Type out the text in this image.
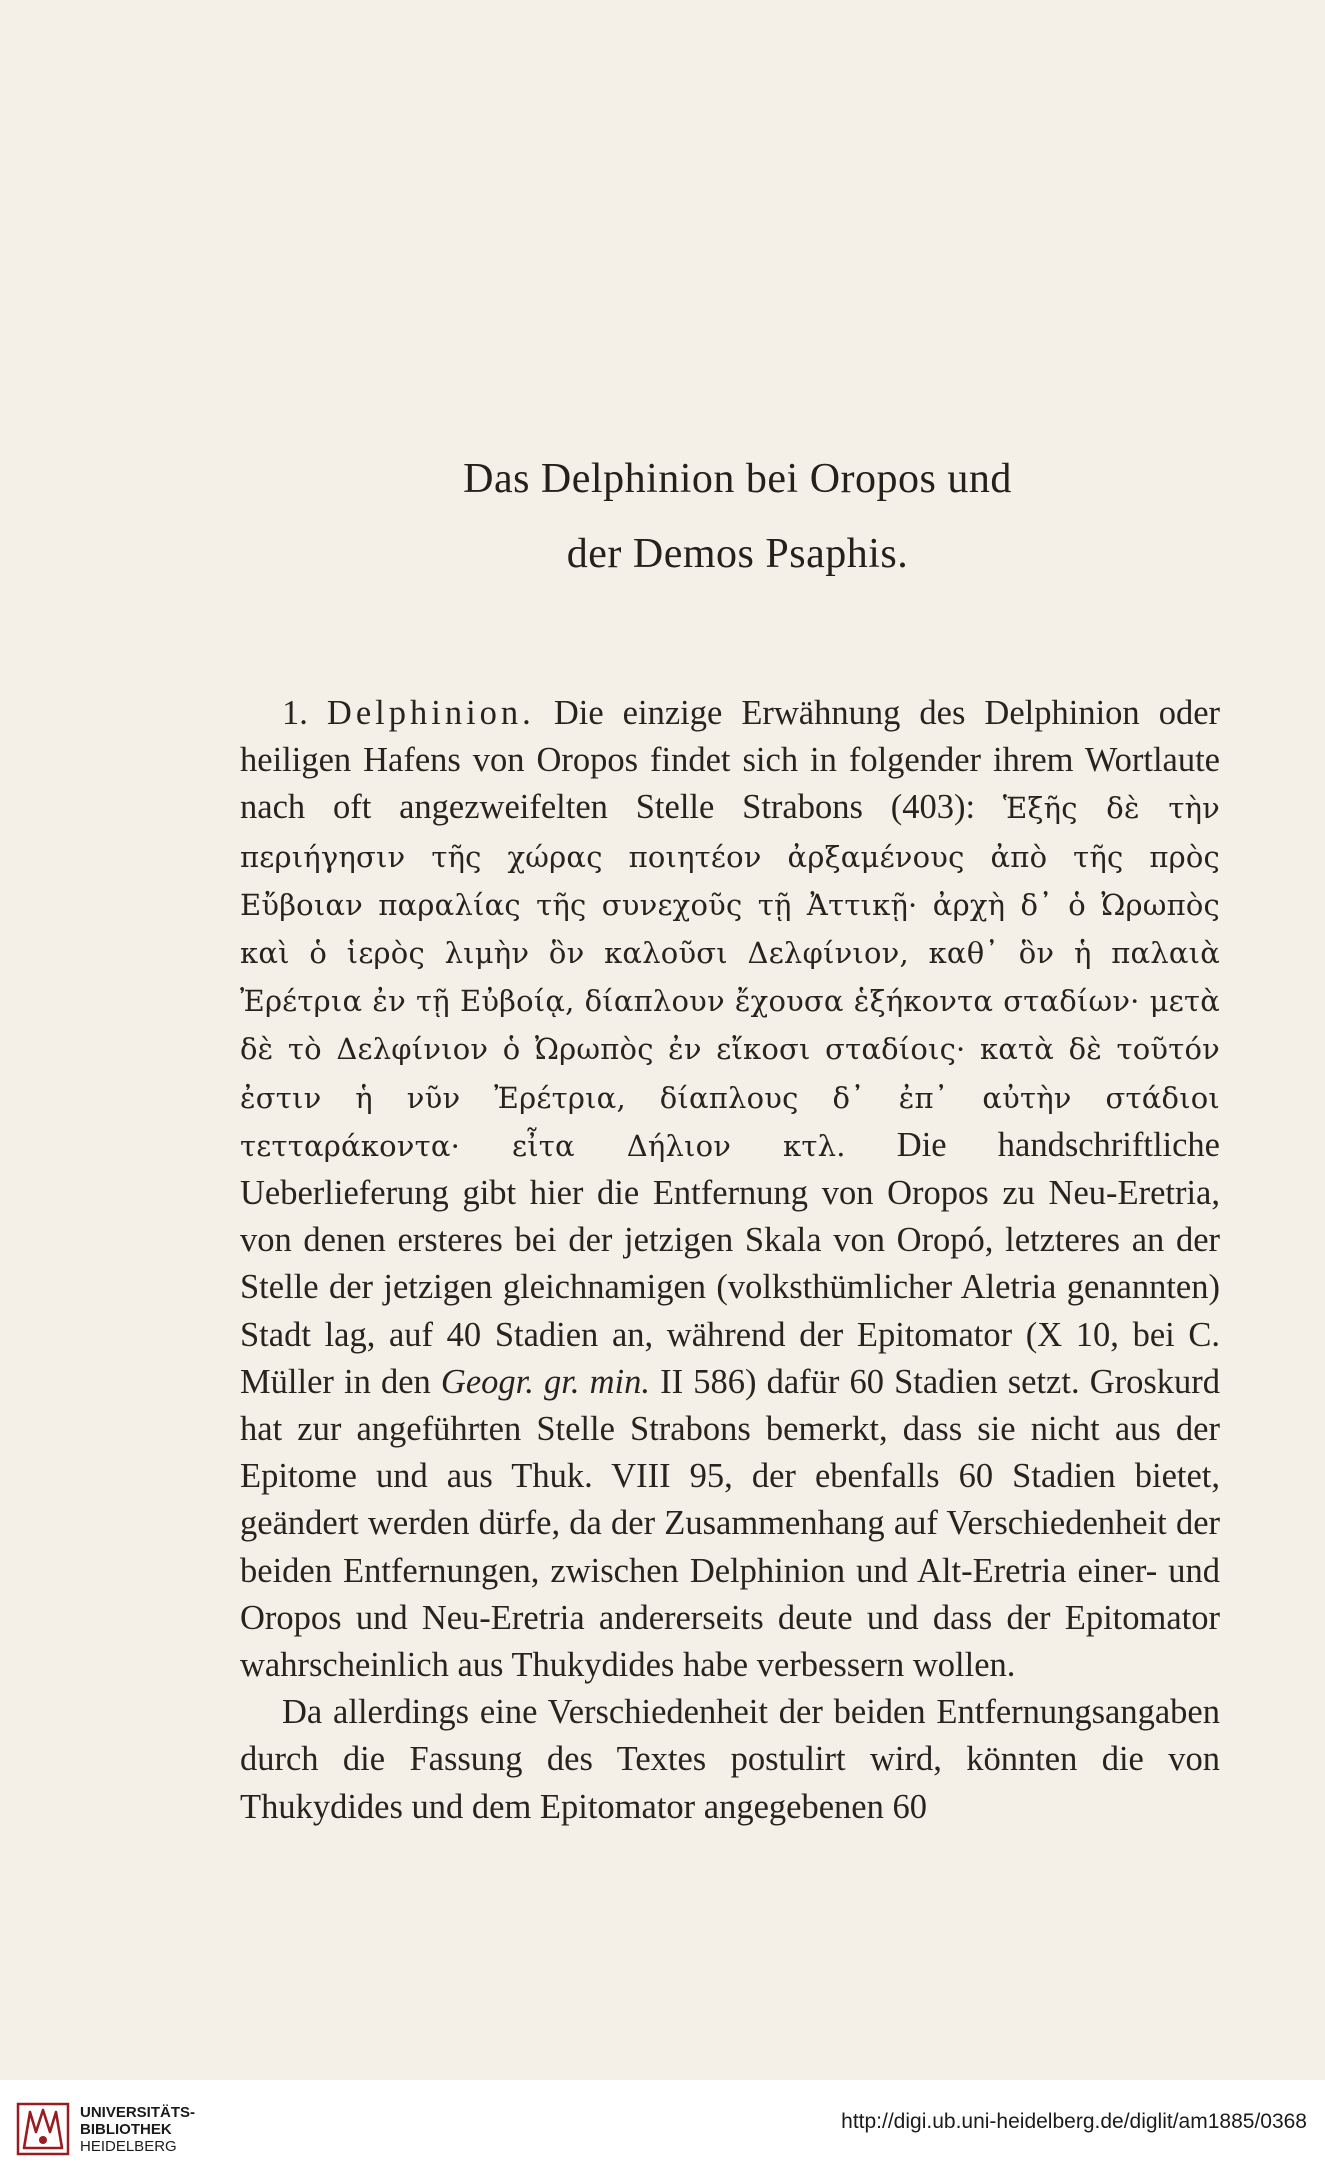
Das Delphinion bei Oropos und
der Demos Psaphis.

1. Delphinion. Die einzige Erwähnung des Delphinion oder heiligen Hafens von Oropos findet sich in folgender ihrem Wortlaute nach oft angezweifelten Stelle Strabons (403): Ἑξῆς δὲ τὴν περιήγησιν τῆς χώρας ποιητέον ἀρξαμένους ἀπὸ τῆς πρὸς Εὔβοιαν παραλίας τῆς συνεχοῦς τῇ Ἀττικῇ· ἀρχὴ δ᾽ ὁ Ὠρωπὸς καὶ ὁ ἱερὸς λιμὴν ὃν καλοῦσι Δελφίνιον, καθ᾽ ὃν ἡ παλαιὰ Ἐρέτρια ἐν τῇ Εὐβοίᾳ, δίαπλουν ἔχουσα ἑξήκοντα σταδίων· μετὰ δὲ τὸ Δελφίνιον ὁ Ὠρωπὸς ἐν εἴκοσι σταδίοις· κατὰ δὲ τοῦτόν ἐστιν ἡ νῦν Ἐρέτρια, δίαπλους δ᾽ ἐπ᾽ αὐτὴν στάδιοι τετταράκοντα· εἶτα Δήλιον κτλ. Die handschriftliche Ueberlieferung gibt hier die Entfernung von Oropos zu Neu-Eretria, von denen ersteres bei der jetzigen Skala von Oropó, letzteres an der Stelle der jetzigen gleichnamigen (volksthümlicher Aletria genannten) Stadt lag, auf 40 Stadien an, während der Epitomator (X 10, bei C. Müller in den Geogr. gr. min. II 586) dafür 60 Stadien setzt. Groskurd hat zur angeführten Stelle Strabons bemerkt, dass sie nicht aus der Epitome und aus Thuk. VIII 95, der ebenfalls 60 Stadien bietet, geändert werden dürfe, da der Zusammenhang auf Verschiedenheit der beiden Entfernungen, zwischen Delphinion und Alt-Eretria einer- und Oropos und Neu-Eretria andererseits deute und dass der Epitomator wahrscheinlich aus Thukydides habe verbessern wollen.

Da allerdings eine Verschiedenheit der beiden Entfernungsangaben durch die Fassung des Textes postulirt wird, könnten die von Thukydides und dem Epitomator angegebenen 60

UNIVERSITÄTS-
BIBLIOTHEK
HEIDELBERG
http://digi.ub.uni-heidelberg.de/diglit/am1885/0368
